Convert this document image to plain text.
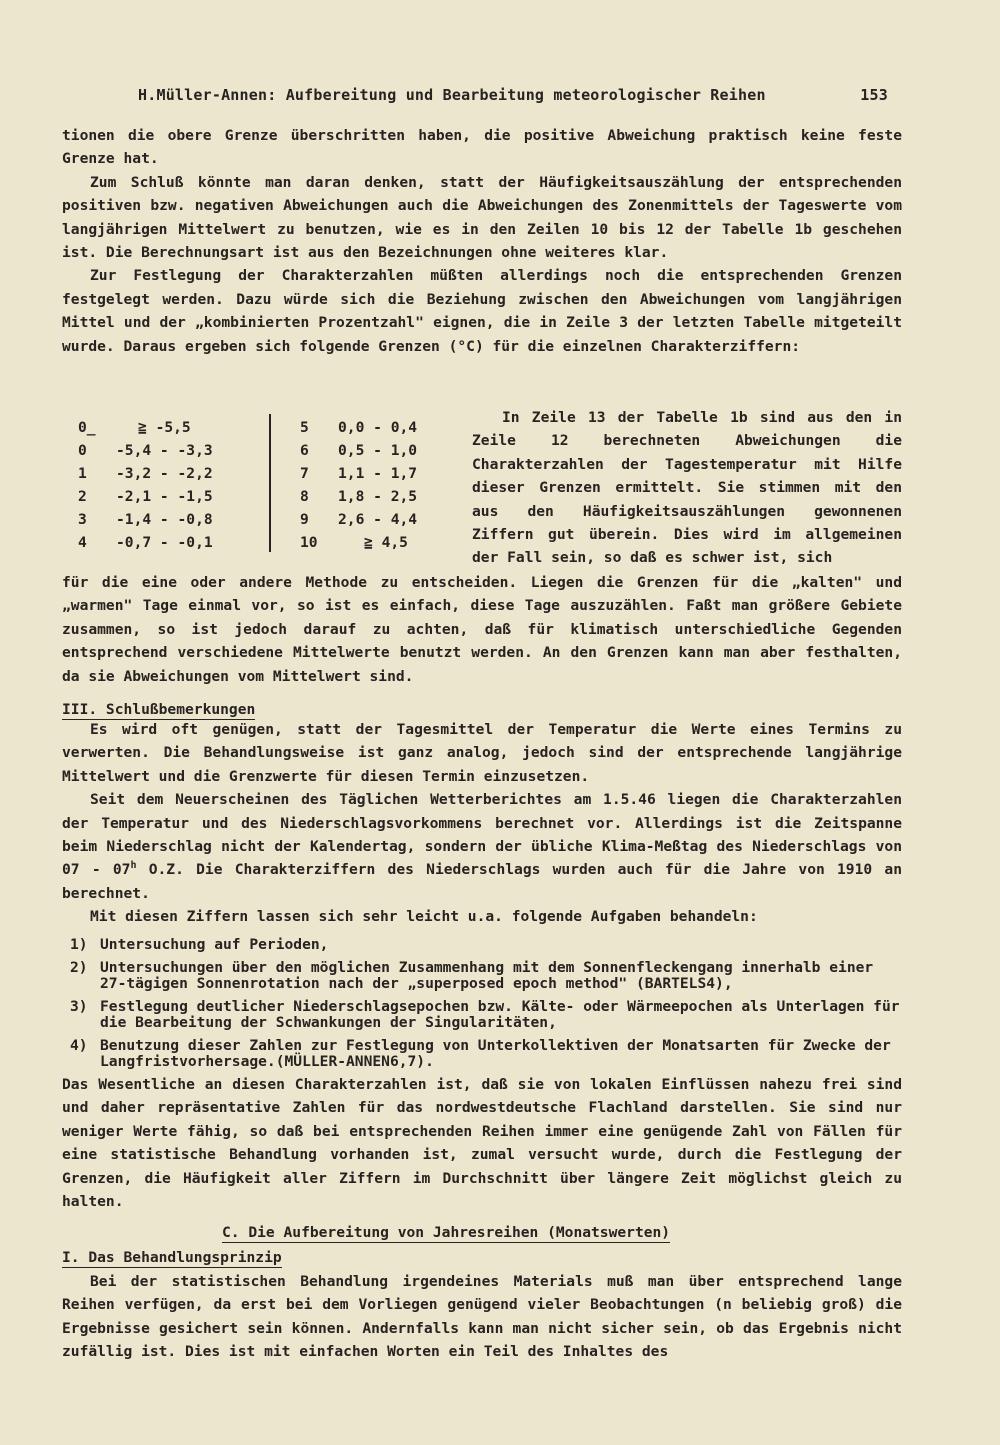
H.Müller-Annen: Aufbereitung und Bearbeitung meteorologischer Reihen	153

tionen die obere Grenze überschritten haben, die positive Abweichung praktisch keine feste Grenze hat.

Zum Schluß könnte man daran denken, statt der Häufigkeitsauszählung der entsprechenden positiven bzw. negativen Abweichungen auch die Abweichungen des Zonenmittels der Tageswerte vom langjährigen Mittelwert zu benutzen, wie es in den Zeilen 10 bis 12 der Tabelle 1b geschehen ist. Die Berechnungsart ist aus den Bezeichnungen ohne weiteres klar.

Zur Festlegung der Charakterzahlen müßten allerdings noch die entsprechenden Grenzen festgelegt werden. Dazu würde sich die Beziehung zwischen den Abweichungen vom langjährigen Mittel und der „kombinierten Prozentzahl" eignen, die in Zeile 3 der letzten Tabelle mitgeteilt wurde. Daraus ergeben sich folgende Grenzen (°C) für die einzelnen Charakterziffern:

0̲	≧ -5,5
0 -5,4 - -3,3
1 -3,2 - -2,2
2 -2,1 - -1,5
3 -1,4 - -0,8
4 -0,7 - -0,1
5 0,0 - 0,4
6 0,5 - 1,0
7 1,1 - 1,7
8 1,8 - 2,5
9 2,6 - 4,4
10	≧ 4,5

In Zeile 13 der Tabelle 1b sind aus den in Zeile 12 berechneten Abweichungen die Charakterzahlen der Tagestemperatur mit Hilfe dieser Grenzen ermittelt. Sie stimmen mit den aus den Häufigkeitsauszählungen gewonnenen Ziffern gut überein. Dies wird im allgemeinen der Fall sein, so daß es schwer ist, sich

für die eine oder andere Methode zu entscheiden. Liegen die Grenzen für die „kalten" und „warmen" Tage einmal vor, so ist es einfach, diese Tage auszuzählen. Faßt man größere Gebiete zusammen, so ist jedoch darauf zu achten, daß für klimatisch unterschiedliche Gegenden entsprechend verschiedene Mittelwerte benutzt werden. An den Grenzen kann man aber festhalten, da sie Abweichungen vom Mittelwert sind.

III. Schlußbemerkungen

Es wird oft genügen, statt der Tagesmittel der Temperatur die Werte eines Termins zu verwerten. Die Behandlungsweise ist ganz analog, jedoch sind der entsprechende langjährige Mittelwert und die Grenzwerte für diesen Termin einzusetzen.

Seit dem Neuerscheinen des Täglichen Wetterberichtes am 1.5.46 liegen die Charakterzahlen der Temperatur und des Niederschlagsvorkommens berechnet vor. Allerdings ist die Zeitspanne beim Niederschlag nicht der Kalendertag, sondern der übliche Klima-Meßtag des Niederschlags von 07 - 07$^h$ O.Z. Die Charakterziffern des Niederschlags wurden auch für die Jahre von 1910 an berechnet.

Mit diesen Ziffern lassen sich sehr leicht u.a. folgende Aufgaben behandeln:

1) Untersuchung auf Perioden,
2) Untersuchungen über den möglichen Zusammenhang mit dem Sonnenfleckengang innerhalb einer 27-tägigen Sonnenrotation nach der „superposed epoch method" (BARTELS4),
3) Festlegung deutlicher Niederschlagsepochen bzw. Kälte- oder Wärmeepochen als Unterlagen für die Bearbeitung der Schwankungen der Singularitäten,
4) Benutzung dieser Zahlen zur Festlegung von Unterkollektiven der Monatsarten für Zwecke der Langfristvorhersage.(MÜLLER-ANNEN6,7).

Das Wesentliche an diesen Charakterzahlen ist, daß sie von lokalen Einflüssen nahezu frei sind und daher repräsentative Zahlen für das nordwestdeutsche Flachland darstellen. Sie sind nur weniger Werte fähig, so daß bei entsprechenden Reihen immer eine genügende Zahl von Fällen für eine statistische Behandlung vorhanden ist, zumal versucht wurde, durch die Festlegung der Grenzen, die Häufigkeit aller Ziffern im Durchschnitt über längere Zeit möglichst gleich zu halten.

C. Die Aufbereitung von Jahresreihen (Monatswerten)
I. Das Behandlungsprinzip

Bei der statistischen Behandlung irgendeines Materials muß man über entsprechend lange Reihen verfügen, da erst bei dem Vorliegen genügend vieler Beobachtungen (n beliebig groß) die Ergebnisse gesichert sein können. Andernfalls kann man nicht sicher sein, ob das Ergebnis nicht zufällig ist. Dies ist mit einfachen Worten ein Teil des Inhaltes des
